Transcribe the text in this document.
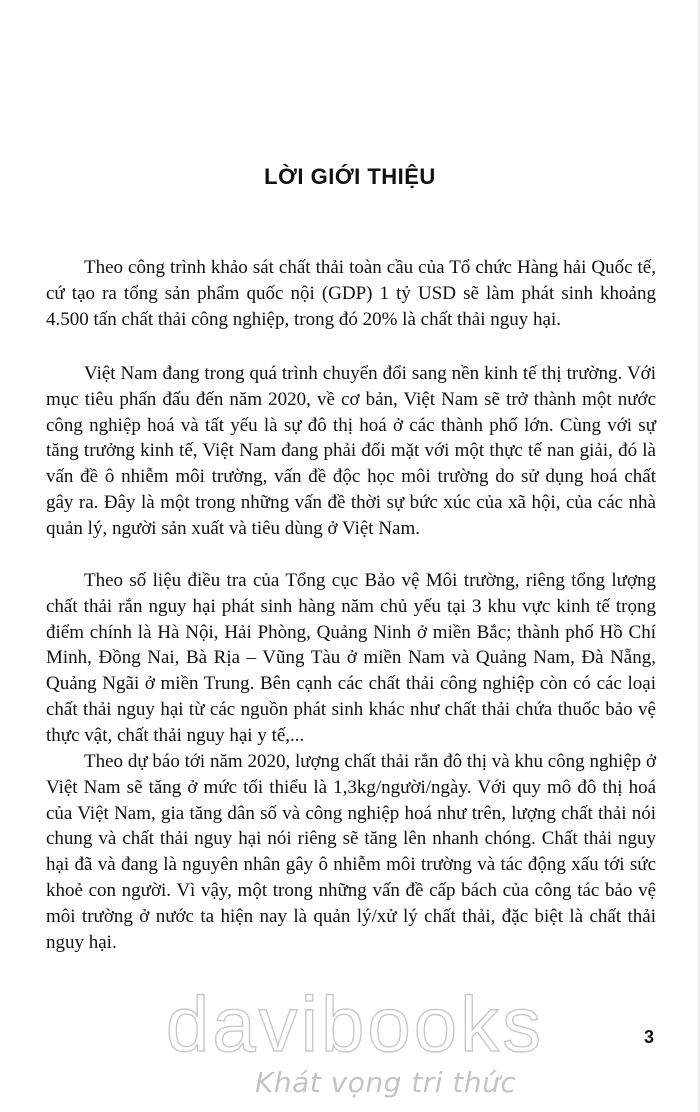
LỜI GIỚI THIỆU

Theo công trình khảo sát chất thải toàn cầu của Tổ chức Hàng hải Quốc tế, cứ tạo ra tổng sản phẩm quốc nội (GDP) 1 tỷ USD sẽ làm phát sinh khoảng 4.500 tấn chất thải công nghiệp, trong đó 20% là chất thải nguy hại.

Việt Nam đang trong quá trình chuyển đổi sang nền kinh tế thị trường. Với mục tiêu phấn đấu đến năm 2020, về cơ bản, Việt Nam sẽ trở thành một nước công nghiệp hoá và tất yếu là sự đô thị hoá ở các thành phố lớn. Cùng với sự tăng trưởng kinh tế, Việt Nam đang phải đối mặt với một thực tế nan giải, đó là vấn đề ô nhiễm môi trường, vấn đề độc học môi trường do sử dụng hoá chất gây ra. Đây là một trong những vấn đề thời sự bức xúc của xã hội, của các nhà quản lý, người sản xuất và tiêu dùng ở Việt Nam.

Theo số liệu điều tra của Tổng cục Bảo vệ Môi trường, riêng tổng lượng chất thải rắn nguy hại phát sinh hàng năm chủ yếu tại 3 khu vực kinh tế trọng điểm chính là Hà Nội, Hải Phòng, Quảng Ninh ở miền Bắc; thành phố Hồ Chí Minh, Đồng Nai, Bà Rịa – Vũng Tàu ở miền Nam và Quảng Nam, Đà Nẵng, Quảng Ngãi ở miền Trung. Bên cạnh các chất thải công nghiệp còn có các loại chất thải nguy hại từ các nguồn phát sinh khác như chất thải chứa thuốc bảo vệ thực vật, chất thải nguy hại y tế,...

Theo dự báo tới năm 2020, lượng chất thải rắn đô thị và khu công nghiệp ở Việt Nam sẽ tăng ở mức tối thiểu là 1,3kg/người/ngày. Với quy mô đô thị hoá của Việt Nam, gia tăng dân số và công nghiệp hoá như trên, lượng chất thải nói chung và chất thải nguy hại nói riêng sẽ tăng lên nhanh chóng. Chất thải nguy hại đã và đang là nguyên nhân gây ô nhiễm môi trường và tác động xấu tới sức khoẻ con người. Vì vậy, một trong những vấn đề cấp bách của công tác bảo vệ môi trường ở nước ta hiện nay là quản lý/xử lý chất thải, đặc biệt là chất thải nguy hại.

davibooks
Khát vọng tri thức
3
